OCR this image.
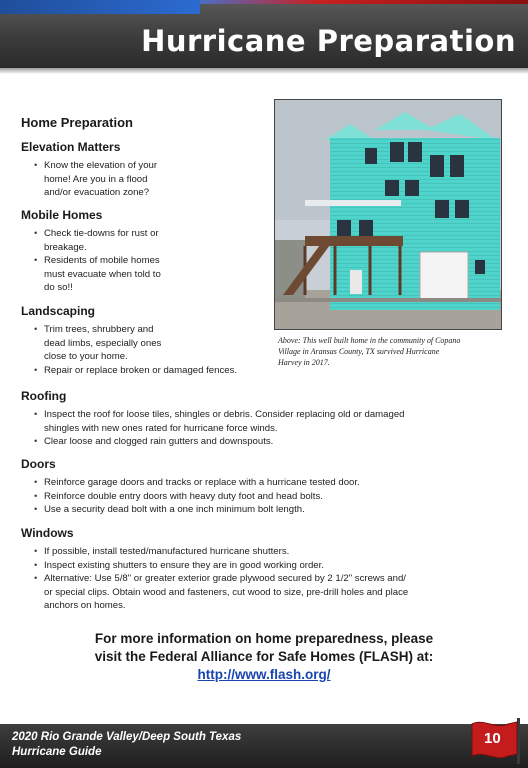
Hurricane Preparation
Home Preparation
Elevation Matters
• Know the elevation of your
home! Are you in a flood
and/or evacuation zone?
Mobile Homes
• Check tie-downs for rust or
breakage.
• Residents of mobile homes
must evacuate when told to
do so!!
Landscaping
• Trim trees, shrubbery and
dead limbs, especially ones
close to your home.
• Repair or replace broken or damaged fences.
Roofing
• Inspect the roof for loose tiles, shingles or debris. Consider replacing old or damaged
shingles with new ones rated for hurricane force winds.
• Clear loose and clogged rain gutters and downspouts.
Doors
• Reinforce garage doors and tracks or replace with a hurricane tested door.
• Reinforce double entry doors with heavy duty foot and head bolts.
• Use a security dead bolt with a one inch minimum bolt length.
Windows
• If possible, install tested/manufactured hurricane shutters.
• Inspect existing shutters to ensure they are in good working order.
• Alternative: Use 5/8" or greater exterior grade plywood secured by 2 1/2" screws and/
or special clips. Obtain wood and fasteners, cut wood to size, pre-drill holes and place
anchors on homes.
Above: This well built home in the community of Copano
Village in Aransas County, TX survived Hurricane
Harvey in 2017.
For more information on home preparedness, please
visit the Federal Alliance for Safe Homes (FLASH) at:
http://www.flash.org/
2020 Rio Grande Valley/Deep South Texas
Hurricane Guide
10
